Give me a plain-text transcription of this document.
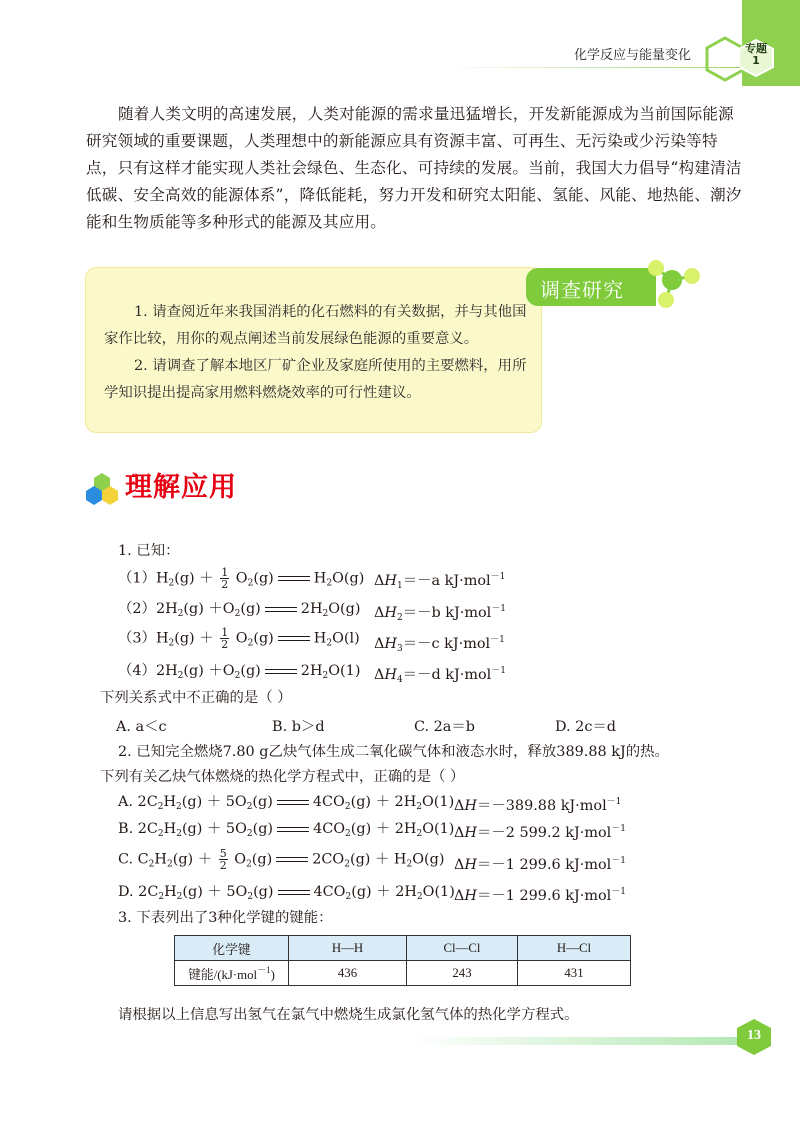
专题
1
化学反应与能量变化

随着人类文明的高速发展，人类对能源的需求量迅猛增长，开发新能源成为当前国际能源研究领域的重要课题，人类理想中的新能源应具有资源丰富、可再生、无污染或少污染等特点，只有这样才能实现人类社会绿色、生态化、可持续的发展。当前，我国大力倡导“构建清洁低碳、安全高效的能源体系”，降低能耗，努力开发和研究太阳能、氢能、风能、地热能、潮汐能和生物质能等多种形式的能源及其应用。

调查研究

1. 请查阅近年来我国消耗的化石燃料的有关数据，并与其他国家作比较，用你的观点阐述当前发展绿色能源的重要意义。

2. 请调查了解本地区厂矿企业及家庭所使用的主要燃料，用所学知识提出提高家用燃料燃烧效率的可行性建议。

理解应用
1. 已知：
$(1)H_2(g) + \frac{1}{2} O_2(g)$	$H_2O(g)$ $\Delta H_1=-a$ kJ·mol$^{-1}$
$(2)2H_2(g) +O_2(g)$	$2H_2O(g)$ $\Delta H_2=-b$ kJ·mol$^{-1}$
$(3)H_2(g) + \frac{1}{2} O_2(g)$	$H_2O(l)$ $\Delta H_3=-c$ kJ·mol$^{-1}$
$(4)2H_2(g) +O_2(g)$	$2H_2O(1)$ $\Delta H_4=-d$ kJ·mol$^{-1}$
下列关系式中不正确的是（ ）
A. a＜c	B. b＞d	C. 2a＝b	D. 2c＝d
2. 已知完全燃烧7.80 g乙炔气体生成二氧化碳气体和液态水时，释放389.88 kJ的热。
下列有关乙炔气体燃烧的热化学方程式中，正确的是（ ）
A. $2C_2H_2(g) + 5O_2(g)$	$4CO_2(g) + 2H_2O(1)$ ΔH＝－389.88 kJ·mol$^{-1}$
B. $2C_2H_2(g) + 5O_2(g)$	$4CO_2(g) + 2H_2O(1)$ ΔH＝－2 599.2 kJ·mol$^{-1}$
C. $C_2H_2(g) + \frac{5}{2} O_2(g)$	$2CO_2(g) + H_2O(g)$ ΔH＝－1 299.6 kJ·mol$^{-1}$
D. $2C_2H_2(g) + 5O_2(g)$	$4CO_2(g) + 2H_2O(1)$ ΔH＝－1 299.6 kJ·mol$^{-1}$
3. 下表列出了3种化学键的键能：
化学键	H—H	Cl—Cl	H—Cl
键能/(kJ·mol$^{-1}$)	436	243	431
请根据以上信息写出氢气在氯气中燃烧生成氯化氢气体的热化学方程式。
13
